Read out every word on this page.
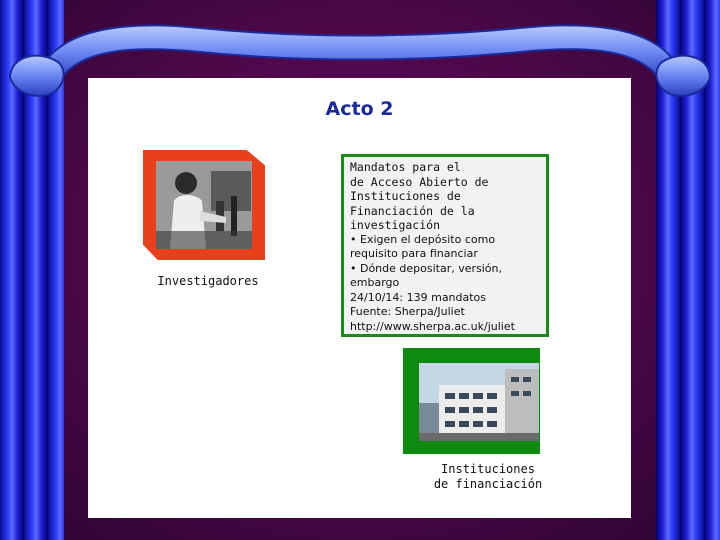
Acto 2
Investigadores
Mandatos para el
de Acceso Abierto de
Instituciones de
Financiación de la
investigación
• Exigen el depósito como
requisito para financiar
• Dónde depositar, versión,
embargo
24/10/14: 139 mandatos
Fuente: Sherpa/Juliet
http://www.sherpa.ac.uk/juliet
Instituciones
de financiación
